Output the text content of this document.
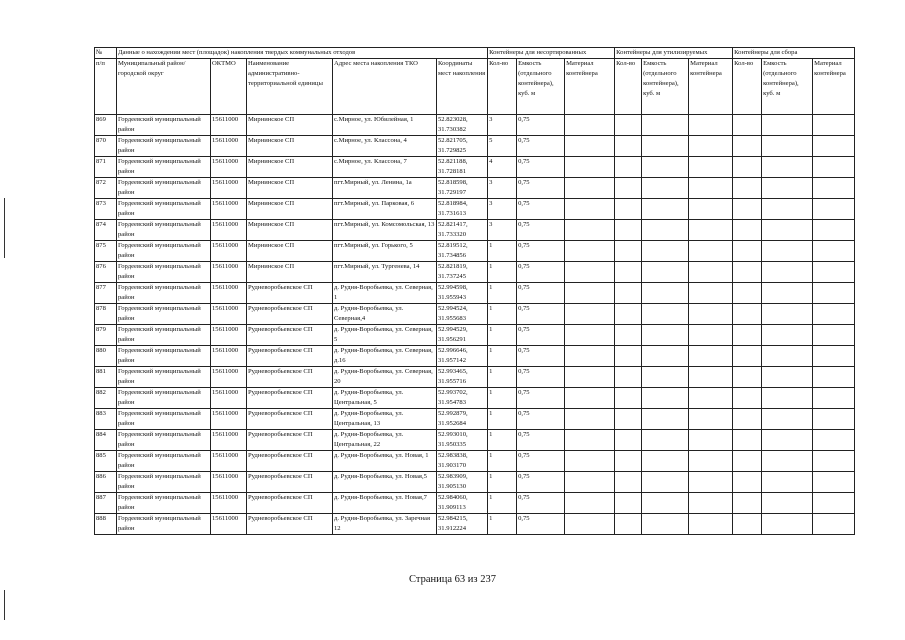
№	Данные о нахождении мест (площадок) накопления твердых коммунальных отходов					Контейнеры для несортированных			Контейнеры для утилизируемых			Контейнеры для сбора		
п/п	Муниципальный район/городской округ	ОКТМО	Наименование административно-территориальной единицы	Адрес места накопления ТКО	Координаты мест накопления	Кол-во	Емкость (отдельного контейнера), куб. м	Материал контейнера	Кол-во	Емкость (отдельного контейнера), куб. м	Материал контейнера	Кол-во	Емкость (отдельного контейнера), куб. м	Материал контейнера
869	Гордеевский муниципальный район	15611000	Мирнинское СП	с.Мирное, ул. Юбилейная, 1	52.823028, 31.730382	3	0,75							
870	Гордеевский муниципальный район	15611000	Мирнинское СП	с.Мирное, ул. Классона, 4	52.821705, 31.729825	5	0,75							
871	Гордеевский муниципальный район	15611000	Мирнинское СП	с.Мирное, ул. Классона, 7	52.821188, 31.728181	4	0,75							
872	Гордеевский муниципальный район	15611000	Мирнинское СП	пгт.Мирный, ул. Ленина, 1а	52.818598, 31.729197	3	0,75							
873	Гордеевский муниципальный район	15611000	Мирнинское СП	пгт.Мирный, ул. Парковая, 6	52.818984, 31.731613	3	0,75							
874	Гордеевский муниципальный район	15611000	Мирнинское СП	пгт.Мирный, ул. Комсомольская, 13	52.821417, 31.733320	3	0,75							
875	Гордеевский муниципальный район	15611000	Мирнинское СП	пгт.Мирный, ул. Горького, 5	52.819512, 31.734856	1	0,75							
876	Гордеевский муниципальный район	15611000	Мирнинское СП	пгт.Мирный, ул. Тургенева, 14	52.821819, 31.737245	1	0,75							
877	Гордеевский муниципальный район	15611000	Рудневоробьевское СП	д. Рудня-Воробьевка, ул. Северная, 1	52.994598, 31.955943	1	0,75							
878	Гордеевский муниципальный район	15611000	Рудневоробьевское СП	д. Рудня-Воробьевка, ул. Северная,4	52.994524, 31.955683	1	0,75							
879	Гордеевский муниципальный район	15611000	Рудневоробьевское СП	д. Рудня-Воробьевка, ул. Северная, 5	52.994529, 31.956291	1	0,75							
880	Гордеевский муниципальный район	15611000	Рудневоробьевское СП	д. Рудня-Воробьевка, ул. Северная, д.16	52.996646, 31.957142	1	0,75							
881	Гордеевский муниципальный район	15611000	Рудневоробьевское СП	д. Рудня-Воробьевка, ул. Северная, 20	52.993465, 31.955716	1	0,75							
882	Гордеевский муниципальный район	15611000	Рудневоробьевское СП	д. Рудня-Воробьевка, ул. Центральная, 5	52.993702, 31.954783	1	0,75							
883	Гордеевский муниципальный район	15611000	Рудневоробьевское СП	д. Рудня-Воробьевка, ул. Центральная, 13	52.992879, 31.952684	1	0,75							
884	Гордеевский муниципальный район	15611000	Рудневоробьевское СП	д. Рудня-Воробьевка, ул. Центральная, 22	52.993010, 31.950335	1	0,75							
885	Гордеевский муниципальный район	15611000	Рудневоробьевское СП	д. Рудня-Воробьевка, ул. Новая, 1	52.983838, 31.903170	1	0,75							
886	Гордеевский муниципальный район	15611000	Рудневоробьевское СП	д. Рудня-Воробьевка, ул. Новая,5	52.983909, 31.905130	1	0,75							
887	Гордеевский муниципальный район	15611000	Рудневоробьевское СП	д. Рудня-Воробьевка, ул. Новая,7	52.984060, 31.909113	1	0,75							
888	Гордеевский муниципальный район	15611000	Рудневоробьевское СП	д. Рудня-Воробьевка, ул. Заречная 12	52.984215, 31.912224	1	0,75							
Страница 63 из 237
